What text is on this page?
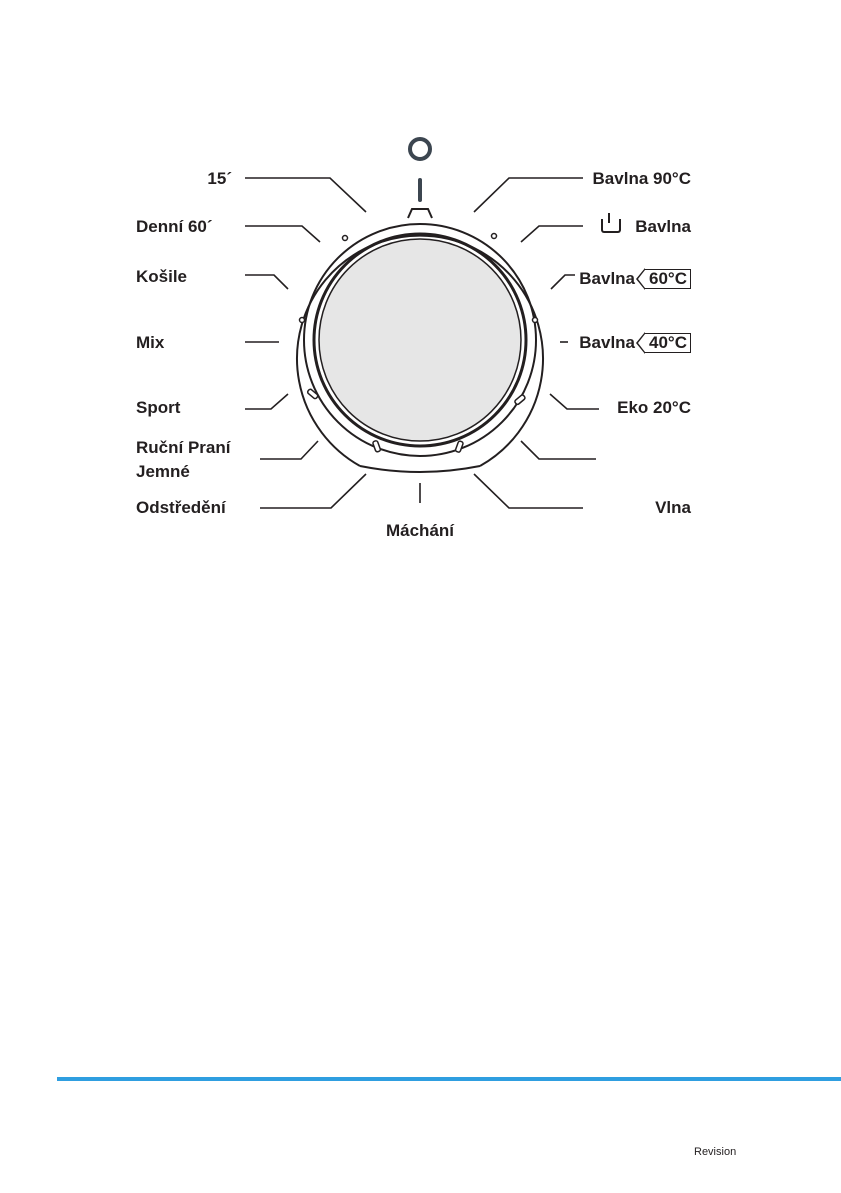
15´
Denní 60´
Košile
Mix
Sport
Ruční Praní
Jemné
Odstředění
Máchání
Bavlna 90°C
Bavlna
Bavlna 60°C
Bavlna 40°C
Eko 20°C
Vlna
Revision
